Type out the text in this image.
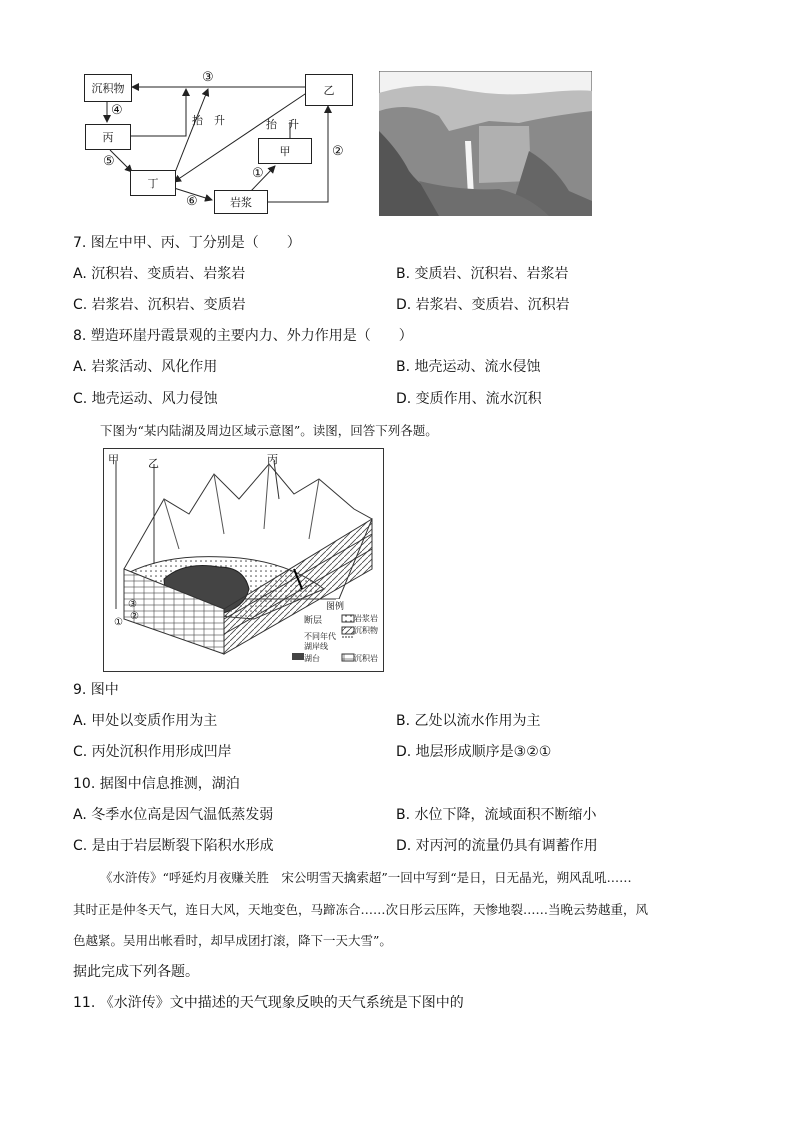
沉积物
丙
丁
岩浆
甲
乙
③
④
⑤
⑥
①
②
抬 升	抬 升
7. 图左中甲、丙、丁分别是（　　）
A. 沉积岩、变质岩、岩浆岩	B. 变质岩、沉积岩、岩浆岩
C. 岩浆岩、沉积岩、变质岩	D. 岩浆岩、变质岩、沉积岩
8. 塑造环崖丹霞景观的主要内力、外力作用是（　　）
A. 岩浆活动、风化作用	B. 地壳运动、流水侵蚀
C. 地壳运动、风力侵蚀	D. 变质作用、流水沉积
下图为“某内陆湖及周边区域示意图”。读图，回答下列各题。
甲	乙	丙
③
②
①
图例
断层	岩浆岩
沉积物
不同年代
湖岸线
湖台	沉积岩
9. 图中
A. 甲处以变质作用为主	B. 乙处以流水作用为主
C. 丙处沉积作用形成凹岸	D. 地层形成顺序是③②①
10. 据图中信息推测，湖泊
A. 冬季水位高是因气温低蒸发弱	B. 水位下降，流域面积不断缩小
C. 是由于岩层断裂下陷积水形成	D. 对丙河的流量仍具有调蓄作用
《水浒传》“呼延灼月夜赚关胜　宋公明雪天擒索超”一回中写到“是日，日无晶光，朔风乱吼……
其时正是仲冬天气，连日大风，天地变色，马蹄冻合……次日彤云压阵，天惨地裂……当晚云势越重，风
色越紧。吴用出帐看时，却早成团打滚，降下一天大雪”。
据此完成下列各题。
11. 《水浒传》文中描述的天气现象反映的天气系统是下图中的
